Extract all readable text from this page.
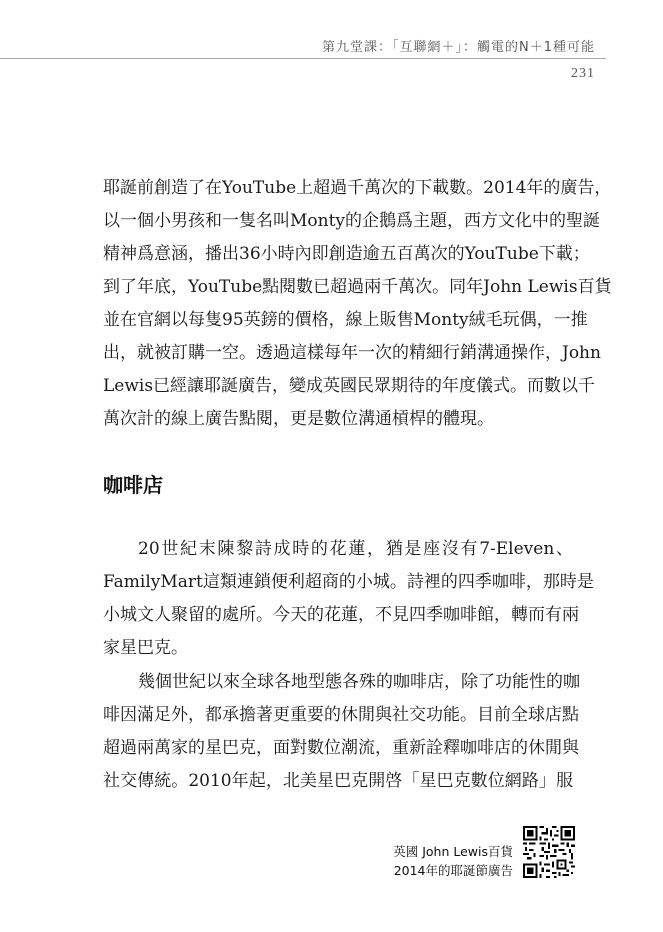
第九堂課：「互聯網＋」：觸電的N＋1種可能
231
耶誕前創造了在YouTube上超過千萬次的下載數。2014年的廣告，
以一個小男孩和一隻名叫Monty的企鵝爲主題，西方文化中的聖誕
精神爲意涵，播出36小時內即創造逾五百萬次的YouTube下載；
到了年底，YouTube點閱數已超過兩千萬次。同年John Lewis百貨
並在官網以每隻95英鎊的價格，線上販售Monty絨毛玩偶，一推
出，就被訂購一空。透過這樣每年一次的精細行銷溝通操作，John
Lewis已經讓耶誕廣告，變成英國民眾期待的年度儀式。而數以千
萬次計的線上廣告點閱，更是數位溝通槓桿的體現。
咖啡店
20世紀末陳黎詩成時的花蓮，猶是座沒有7-Eleven、
FamilyMart這類連鎖便利超商的小城。詩裡的四季咖啡，那時是
小城文人聚留的處所。今天的花蓮，不見四季咖啡館，轉而有兩
家星巴克。
幾個世紀以來全球各地型態各殊的咖啡店，除了功能性的咖
啡因滿足外，都承擔著更重要的休閒與社交功能。目前全球店點
超過兩萬家的星巴克，面對數位潮流，重新詮釋咖啡店的休閒與
社交傳統。2010年起，北美星巴克開啓「星巴克數位網路」服
英國 John Lewis百貨
2014年的耶誕節廣告
